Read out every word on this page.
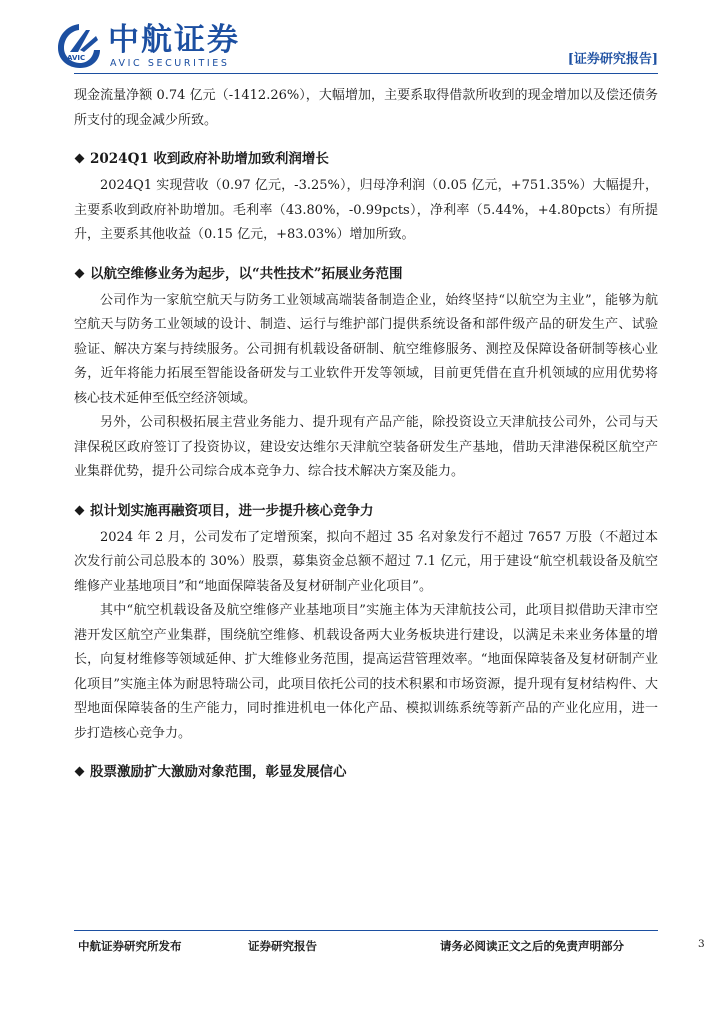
AVIC 中航证券
AVIC SECURITIES	[证券研究报告]

现金流量净额 0.74 亿元（-1412.26%），大幅增加，主要系取得借款所收到的现金增加以及偿还债务所支付的现金减少所致。

2024Q1 收到政府补助增加致利润增长

2024Q1 实现营收（0.97 亿元，-3.25%），归母净利润（0.05 亿元，+751.35%）大幅提升，主要系收到政府补助增加。毛利率（43.80%，-0.99pcts），净利率（5.44%，+4.80pcts）有所提升，主要系其他收益（0.15 亿元，+83.03%）增加所致。

以航空维修业务为起步，以“共性技术”拓展业务范围

公司作为一家航空航天与防务工业领域高端装备制造企业，始终坚持“以航空为主业”，能够为航空航天与防务工业领域的设计、制造、运行与维护部门提供系统设备和部件级产品的研发生产、试验验证、解决方案与持续服务。公司拥有机载设备研制、航空维修服务、测控及保障设备研制等核心业务，近年将能力拓展至智能设备研发与工业软件开发等领域，目前更凭借在直升机领域的应用优势将核心技术延伸至低空经济领域。

另外，公司积极拓展主营业务能力、提升现有产品产能，除投资设立天津航技公司外，公司与天津保税区政府签订了投资协议，建设安达维尔天津航空装备研发生产基地，借助天津港保税区航空产业集群优势，提升公司综合成本竞争力、综合技术解决方案及能力。

拟计划实施再融资项目，进一步提升核心竞争力

2024 年 2 月，公司发布了定增预案，拟向不超过 35 名对象发行不超过 7657 万股（不超过本次发行前公司总股本的 30%）股票，募集资金总额不超过 7.1 亿元，用于建设“航空机载设备及航空维修产业基地项目”和“地面保障装备及复材研制产业化项目”。

其中“航空机载设备及航空维修产业基地项目”实施主体为天津航技公司，此项目拟借助天津市空港开发区航空产业集群，围绕航空维修、机载设备两大业务板块进行建设，以满足未来业务体量的增长，向复材维修等领域延伸、扩大维修业务范围，提高运营管理效率。“地面保障装备及复材研制产业化项目”实施主体为耐思特瑞公司，此项目依托公司的技术积累和市场资源，提升现有复材结构件、大型地面保障装备的生产能力，同时推进机电一体化产品、模拟训练系统等新产品的产业化应用，进一步打造核心竞争力。

股票激励扩大激励对象范围，彰显发展信心

中航证券研究所发布	证券研究报告	请务必阅读正文之后的免责声明部分	3
